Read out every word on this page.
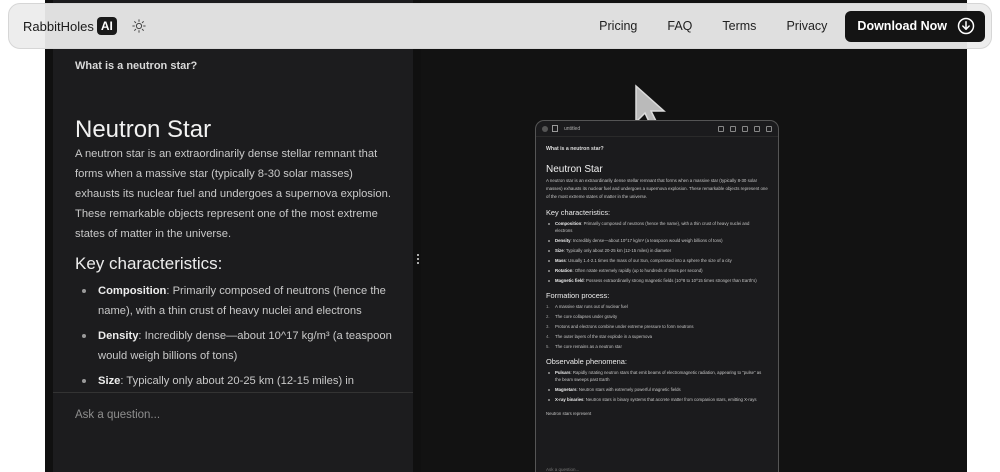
What is a neutron star?
Neutron Star
A neutron star is an extraordinarily dense stellar remnant that forms when a massive star (typically 8-30 solar masses) exhausts its nuclear fuel and undergoes a supernova explosion. These remarkable objects represent one of the most extreme states of matter in the universe.
Key characteristics:
Composition: Primarily composed of neutrons (hence the name), with a thin crust of heavy nuclei and electrons
Density: Incredibly dense—about 10^17 kg/m³ (a teaspoon would weigh billions of tons)
Size: Typically only about 20-25 km (12-15 miles) in
Ask a question...
untitled
What is a neutron star?
Neutron Star
A neutron star is an extraordinarily dense stellar remnant that forms when a massive star (typically 8-30 solar masses) exhausts its nuclear fuel and undergoes a supernova explosion. These remarkable objects represent one of the most extreme states of matter in the universe.
Key characteristics:
Composition: Primarily composed of neutrons (hence the name), with a thin crust of heavy nuclei and electrons
Density: Incredibly dense—about 10^17 kg/m³ (a teaspoon would weigh billions of tons)
Size: Typically only about 20-25 km (12-15 miles) in diameter
Mass: Usually 1.4-2.1 times the mass of our Sun, compressed into a sphere the size of a city
Rotation: Often rotate extremely rapidly (up to hundreds of times per second)
Magnetic field: Possess extraordinarily strong magnetic fields (10^8 to 10^15 times stronger than Earth's)
Formation process:
1. A massive star runs out of nuclear fuel
2. The core collapses under gravity
3. Protons and electrons combine under extreme pressure to form neutrons
4. The outer layers of the star explode in a supernova
5. The core remains as a neutron star
Observable phenomena:
Pulsars: Rapidly rotating neutron stars that emit beams of electromagnetic radiation, appearing to "pulse" as the beam sweeps past Earth
Magnetars: Neutron stars with extremely powerful magnetic fields
X-ray binaries: Neutron stars in binary systems that accrete matter from companion stars, emitting X-rays
Neutron stars represent
Ask a question...
RabbitHoles AI	Pricing FAQ Terms Privacy Download Now
